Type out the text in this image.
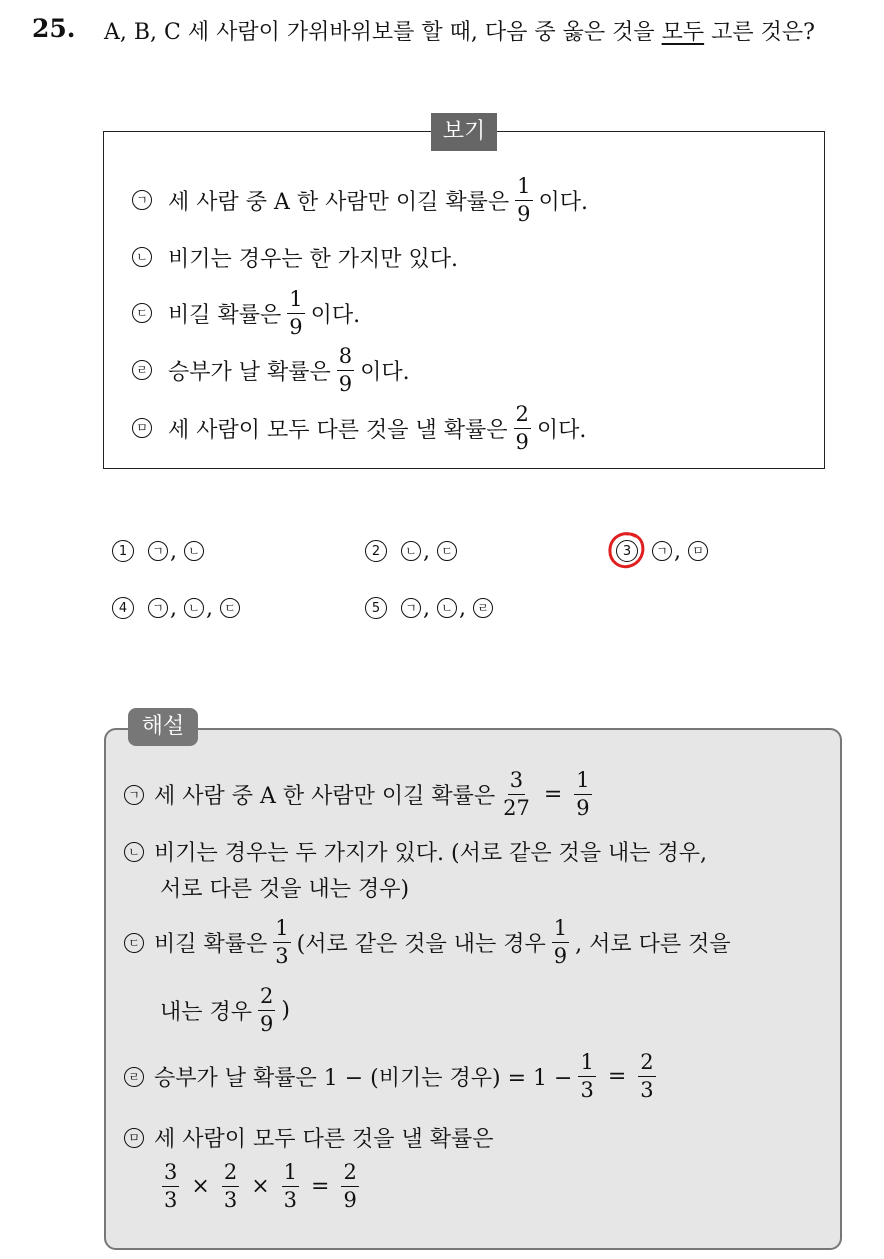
25. A, B, C 세 사람이 가위바위보를 할 때, 다음 중 옳은 것을 모두 고른 것은?
보기
ㄱ 세 사람 중 A 한 사람만 이길 확률은 $\frac{1}{9}$ 이다.
ㄴ 비기는 경우는 한 가지만 있다.
ㄷ 비길 확률은 $\frac{1}{9}$ 이다.
ㄹ 승부가 날 확률은 $\frac{8}{9}$ 이다.
ㅁ 세 사람이 모두 다른 것을 낼 확률은 $\frac{2}{9}$ 이다.
1	ㄱ , ㄴ	2	ㄴ , ㄷ	3	ㄱ , ㅁ
4	ㄱ , ㄴ , ㄷ	5	ㄱ , ㄴ , ㄹ
해설
ㄱ 세 사람 중 A 한 사람만 이길 확률은 $\frac{3}{27} = \frac{1}{9}$
ㄴ 비기는 경우는 두 가지가 있다. (서로 같은 것을 내는 경우,
서로 다른 것을 내는 경우)
ㄷ 비길 확률은 $\frac{1}{3}$ (서로 같은 것을 내는 경우 $\frac{1}{9}$ , 서로 다른 것을
내는 경우 $\frac{2}{9}$ )
ㄹ 승부가 날 확률은 1 − (비기는 경우) = $1 - \frac{1}{3} = \frac{2}{3}$
ㅁ 세 사람이 모두 다른 것을 낼 확률은
$\frac{3}{3} \times \frac{2}{3} \times \frac{1}{3} = \frac{2}{9}$
